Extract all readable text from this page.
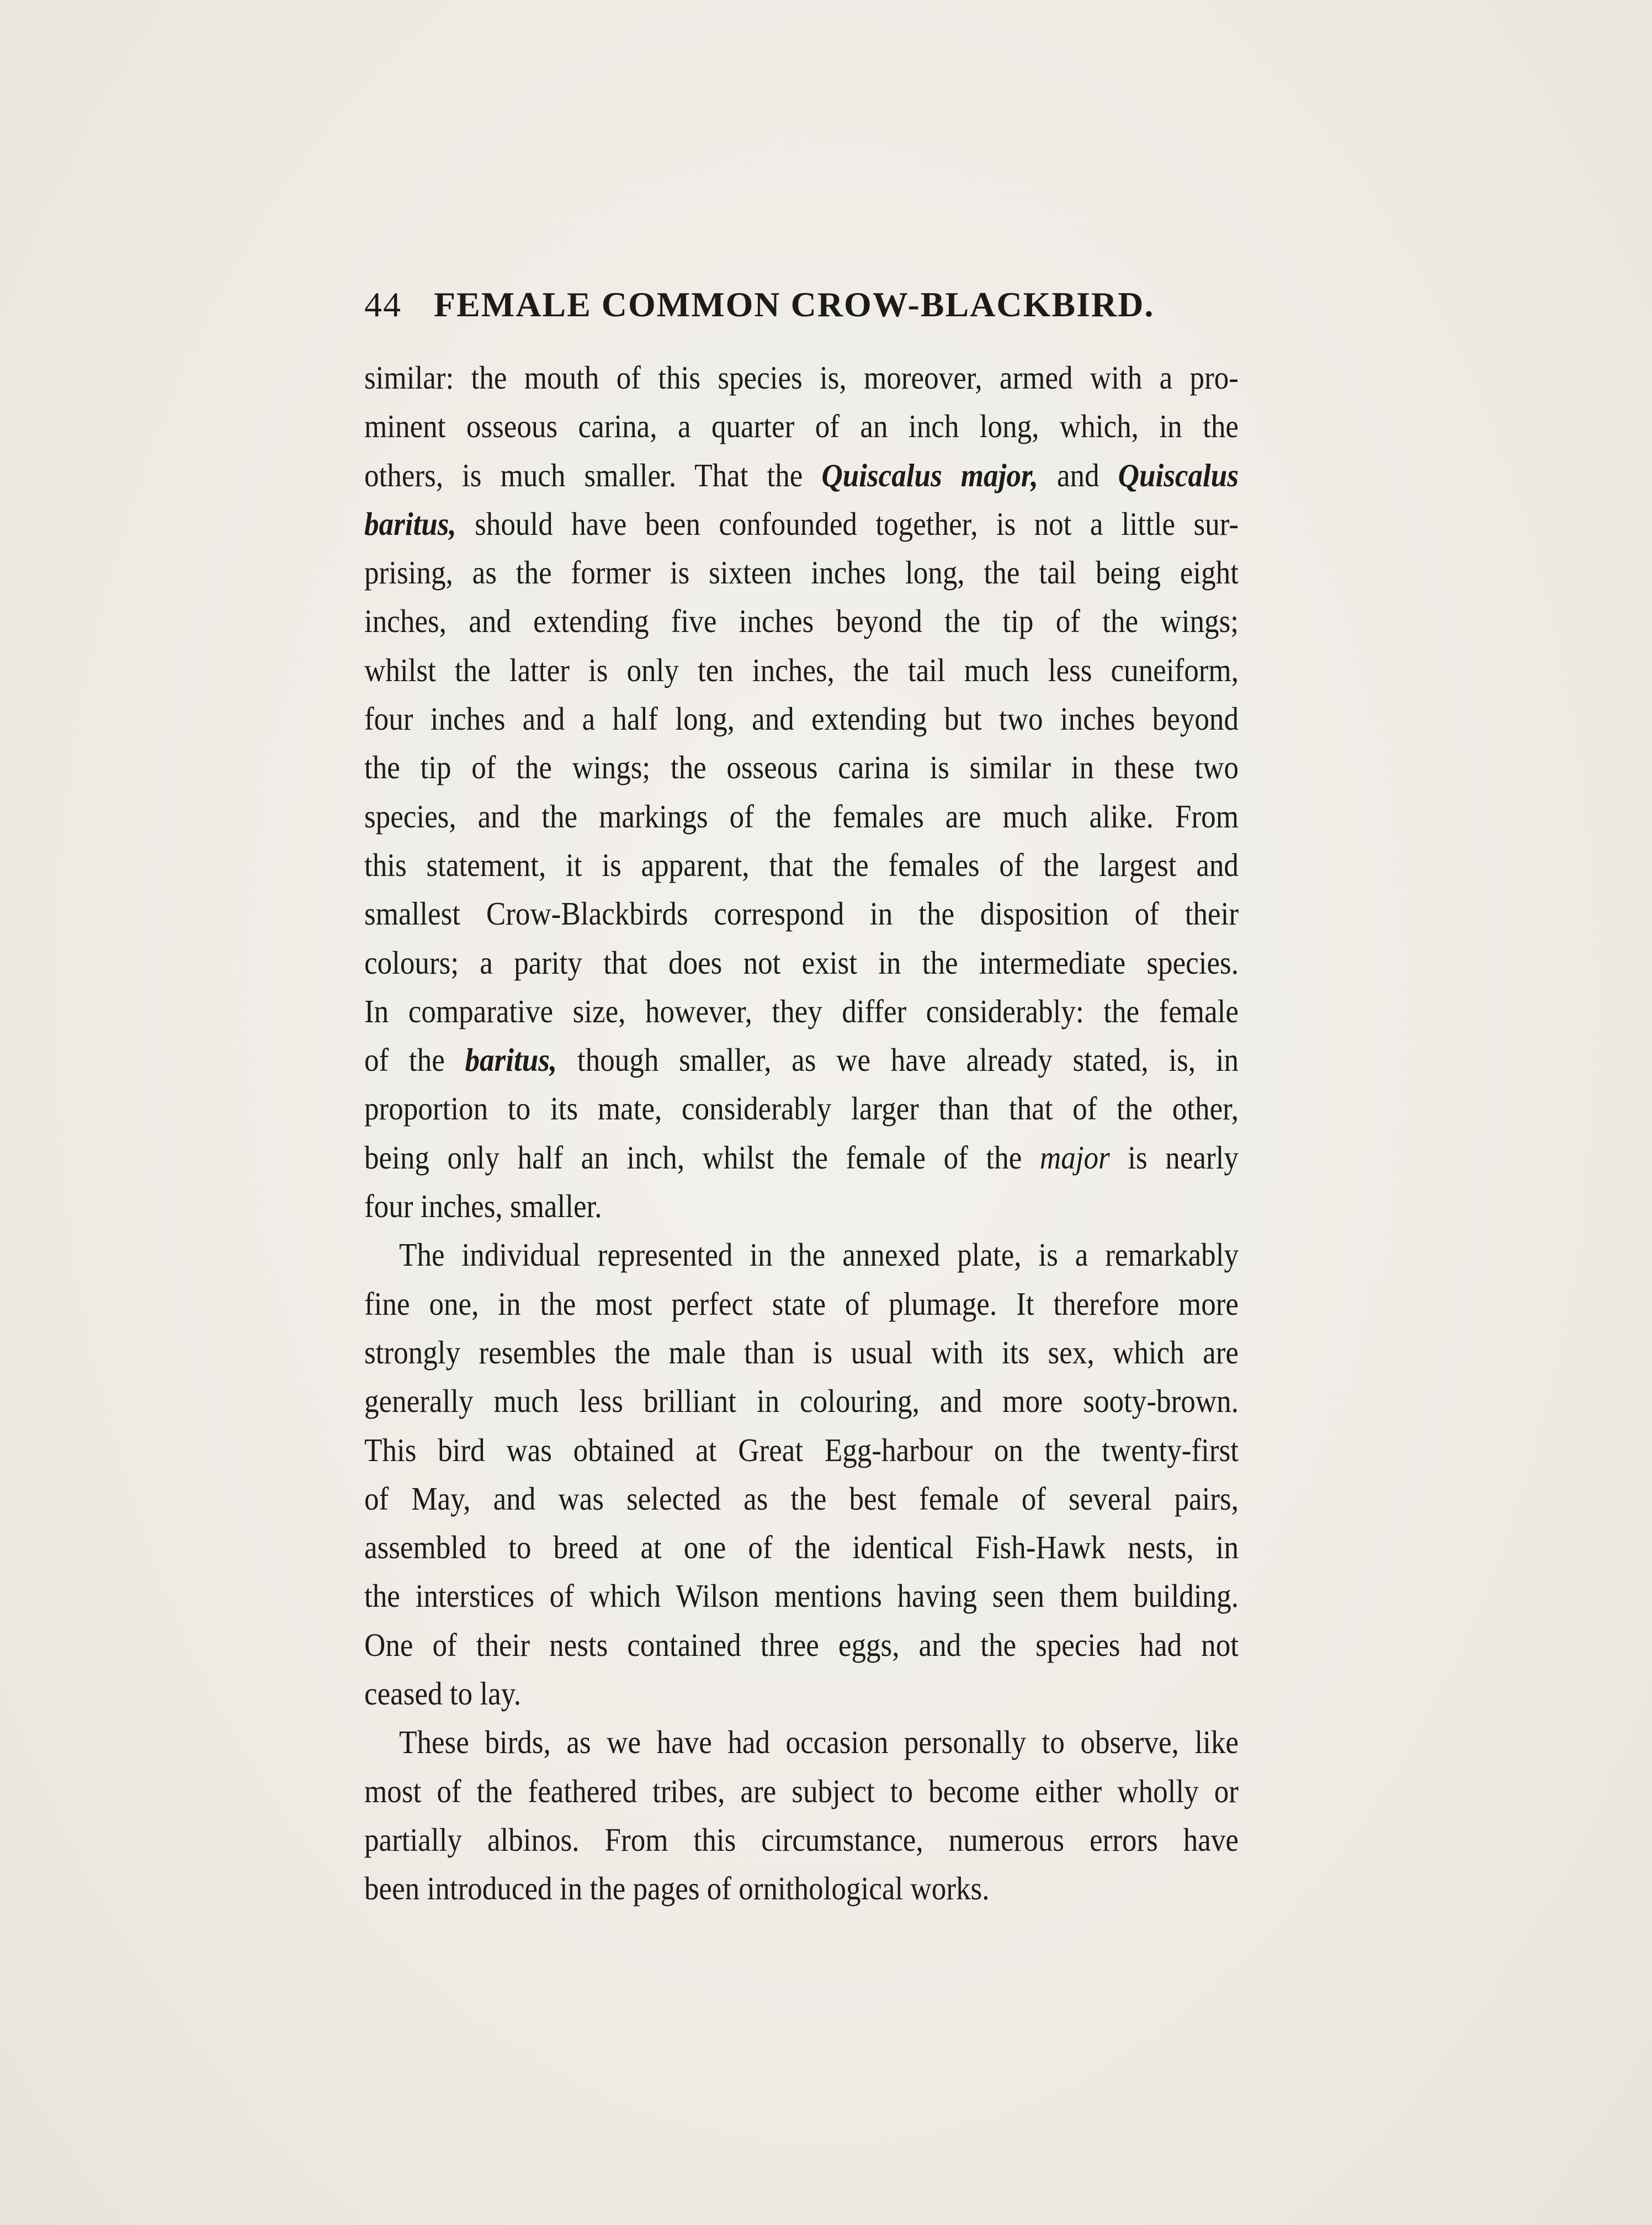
44 FEMALE COMMON CROW-BLACKBIRD.
similar: the mouth of this species is, moreover, armed with a pro-
minent osseous carina, a quarter of an inch long, which, in the
others, is much smaller. That the Quiscalus major, and Quiscalus
baritus, should have been confounded together, is not a little sur-
prising, as the former is sixteen inches long, the tail being eight
inches, and extending five inches beyond the tip of the wings;
whilst the latter is only ten inches, the tail much less cuneiform,
four inches and a half long, and extending but two inches beyond
the tip of the wings; the osseous carina is similar in these two
species, and the markings of the females are much alike. From
this statement, it is apparent, that the females of the largest and
smallest Crow-Blackbirds correspond in the disposition of their
colours; a parity that does not exist in the intermediate species.
In comparative size, however, they differ considerably: the female
of the baritus, though smaller, as we have already stated, is, in
proportion to its mate, considerably larger than that of the other,
being only half an inch, whilst the female of the major is nearly
four inches, smaller.
The individual represented in the annexed plate, is a remarkably
fine one, in the most perfect state of plumage. It therefore more
strongly resembles the male than is usual with its sex, which are
generally much less brilliant in colouring, and more sooty-brown.
This bird was obtained at Great Egg-harbour on the twenty-first
of May, and was selected as the best female of several pairs,
assembled to breed at one of the identical Fish-Hawk nests, in
the interstices of which Wilson mentions having seen them building.
One of their nests contained three eggs, and the species had not
ceased to lay.
These birds, as we have had occasion personally to observe, like
most of the feathered tribes, are subject to become either wholly or
partially albinos. From this circumstance, numerous errors have
been introduced in the pages of ornithological works.
